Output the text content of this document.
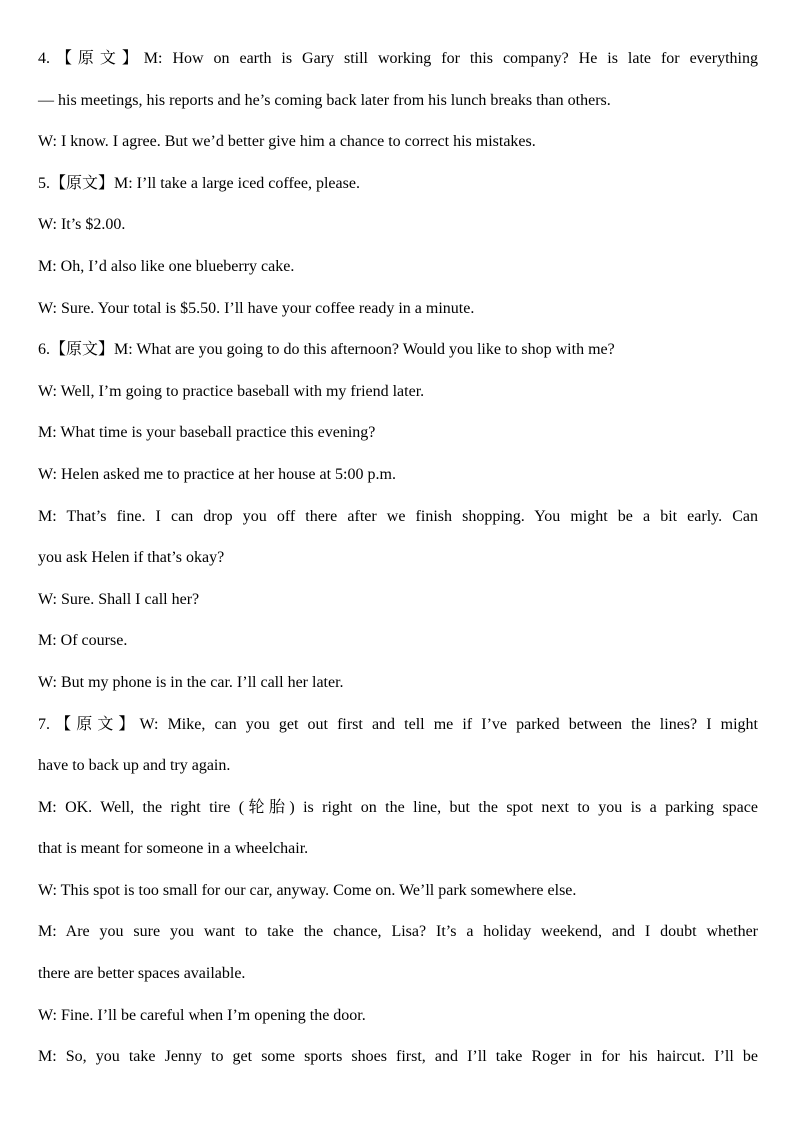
4.【原文】M: How on earth is Gary still working for this company? He is late for everything
— his meetings, his reports and he’s coming back later from his lunch breaks than others.
W: I know. I agree. But we’d better give him a chance to correct his mistakes.
5.【原文】M: I’ll take a large iced coffee, please.
W: It’s $2.00.
M: Oh, I’d also like one blueberry cake.
W: Sure. Your total is $5.50. I’ll have your coffee ready in a minute.
6.【原文】M: What are you going to do this afternoon? Would you like to shop with me?
W: Well, I’m going to practice baseball with my friend later.
M: What time is your baseball practice this evening?
W: Helen asked me to practice at her house at 5:00 p.m.
M: That’s fine. I can drop you off there after we finish shopping. You might be a bit early. Can
you ask Helen if that’s okay?
W: Sure. Shall I call her?
M: Of course.
W: But my phone is in the car. I’ll call her later.
7.【原文】W: Mike, can you get out first and tell me if I’ve parked between the lines? I might
have to back up and try again.
M: OK. Well, the right tire (轮胎) is right on the line, but the spot next to you is a parking space
that is meant for someone in a wheelchair.
W: This spot is too small for our car, anyway. Come on. We’ll park somewhere else.
M: Are you sure you want to take the chance, Lisa? It’s a holiday weekend, and I doubt whether
there are better spaces available.
W: Fine. I’ll be careful when I’m opening the door.
M: So, you take Jenny to get some sports shoes first, and I’ll take Roger in for his haircut. I’ll be
